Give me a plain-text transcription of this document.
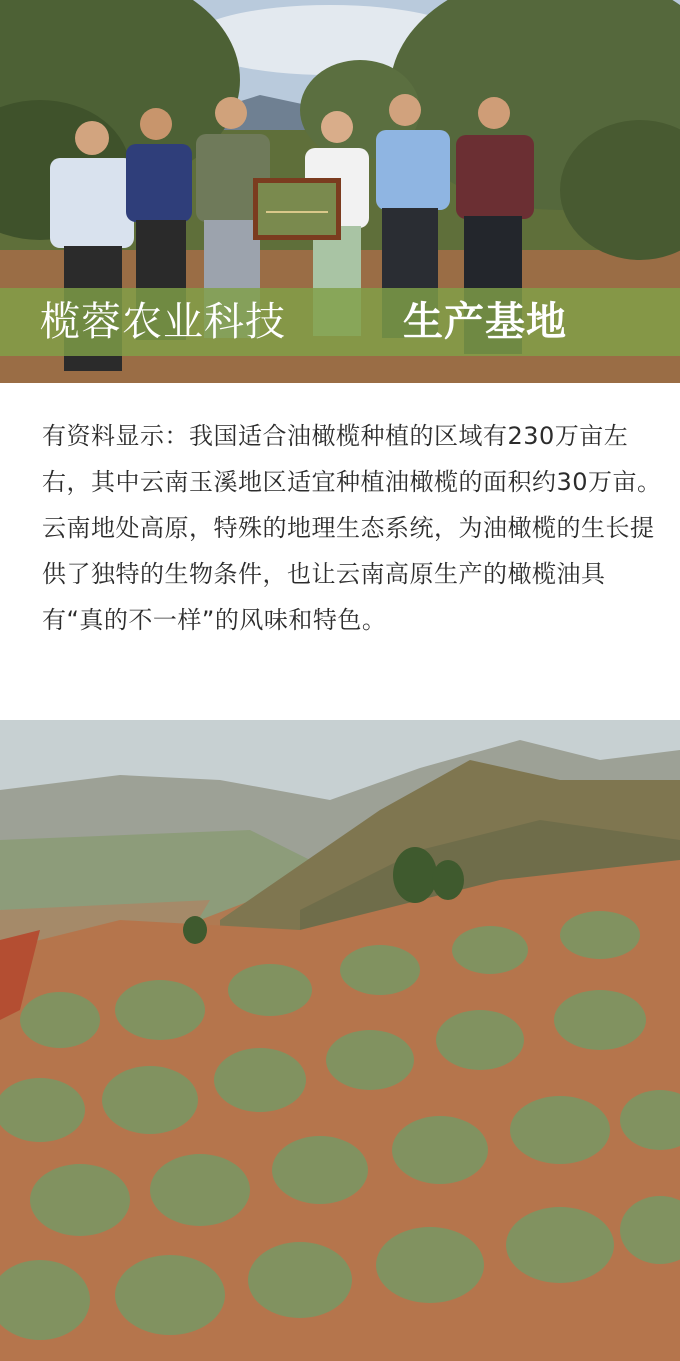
榄蓉农业科技	生产基地

有资料显示：我国适合油橄榄种植的区域有230万亩左右，其中云南玉溪地区适宜种植油橄榄的面积约30万亩。

云南地处高原，特殊的地理生态系统，为油橄榄的生长提供了独特的生物条件，也让云南高原生产的橄榄油具有“真的不一样”的风味和特色。
